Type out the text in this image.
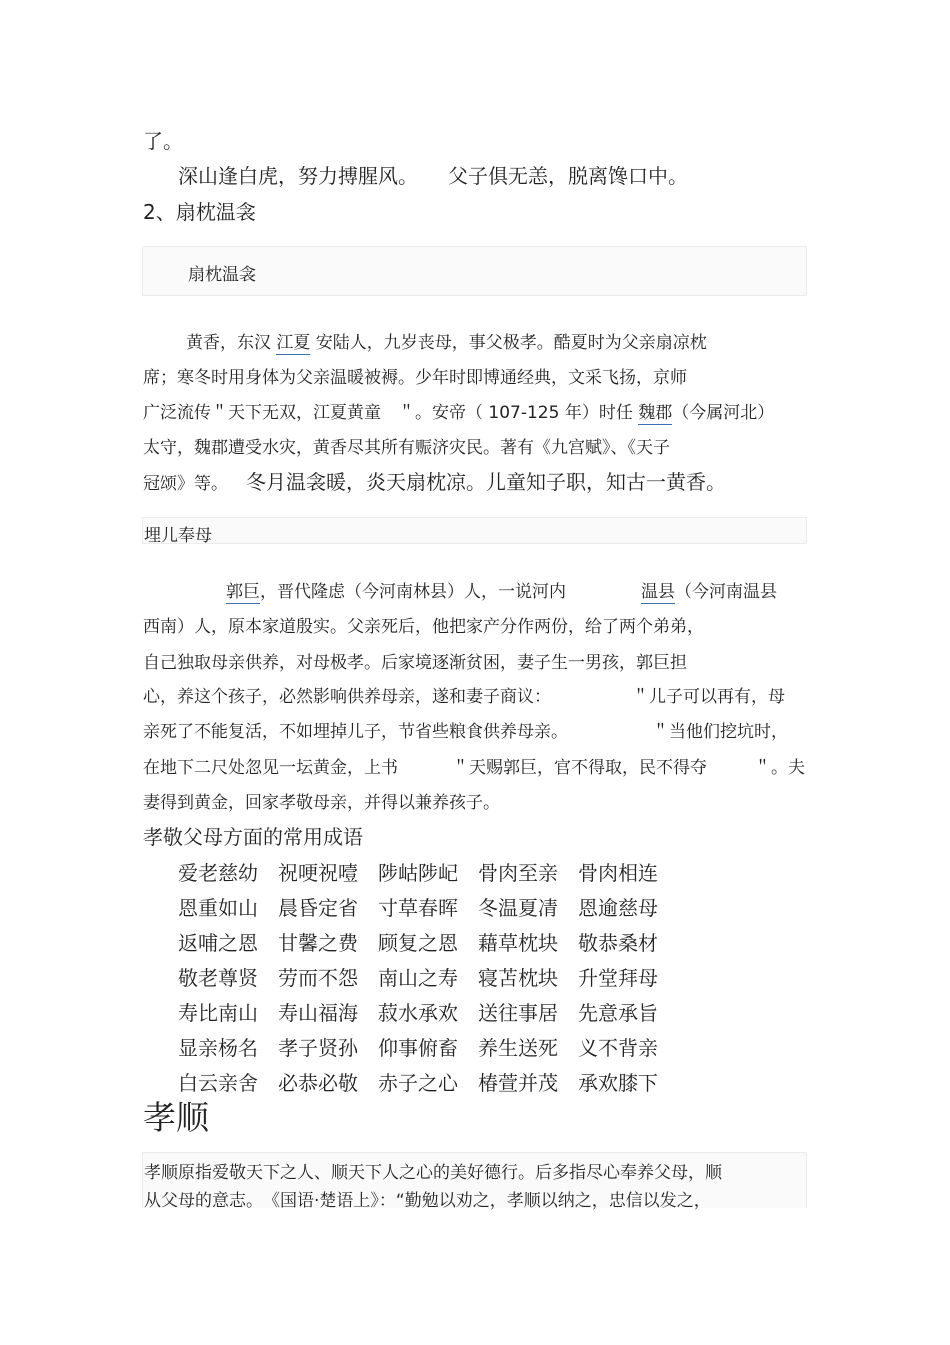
了。
深山逢白虎，努力搏腥风。　　父子俱无恙，脱离馋口中。
2、扇枕温衾
扇枕温衾
黄香，东汉 江夏 安陆人，九岁丧母，事父极孝。酷夏时为父亲扇凉枕
席；寒冬时用身体为父亲温暖被褥。少年时即博通经典，文采飞扬，京师
广泛流传＂天下无双，江夏黄童　＂。安帝（ 107-125 年）时任 魏郡（今属河北）
太守，魏郡遭受水灾，黄香尽其所有赈济灾民。著有《九宫赋》、《天子
冠颂》等。 冬月温衾暖，炎天扇枕凉。儿童知子职，知古一黄香。
埋儿奉母
郭巨，晋代隆虑（今河南林县）人，一说河内	温县（今河南温县
西南）人，原本家道殷实。父亲死后，他把家产分作两份，给了两个弟弟，
自己独取母亲供养，对母极孝。后家境逐渐贫困，妻子生一男孩，郭巨担
心，养这个孩子，必然影响供养母亲，遂和妻子商议：	＂儿子可以再有，母
亲死了不能复活，不如埋掉儿子，节省些粮食供养母亲。	＂当他们挖坑时，
在地下二尺处忽见一坛黄金，上书	＂天赐郭巨，官不得取，民不得夺	＂。夫
妻得到黄金，回家孝敬母亲，并得以兼养孩子。
孝敬父母方面的常用成语
爱老慈幼 祝哽祝噎 陟岵陟屺 骨肉至亲 骨肉相连
恩重如山 晨昏定省 寸草春晖 冬温夏凊 恩逾慈母
返哺之恩 甘馨之费 顾复之恩 藉草枕块 敬恭桑材
敬老尊贤 劳而不怨 南山之寿 寝苫枕块 升堂拜母
寿比南山 寿山福海 菽水承欢 送往事居 先意承旨
显亲杨名 孝子贤孙 仰事俯畜 养生送死 义不背亲
白云亲舍 必恭必敬 赤子之心 椿萱并茂 承欢膝下
孝顺
孝顺原指爱敬天下之人、顺天下人之心的美好德行。后多指尽心奉养父母，顺
从父母的意志。　《国语·楚语上》：“勤勉以劝之，孝顺以纳之，忠信以发之，
